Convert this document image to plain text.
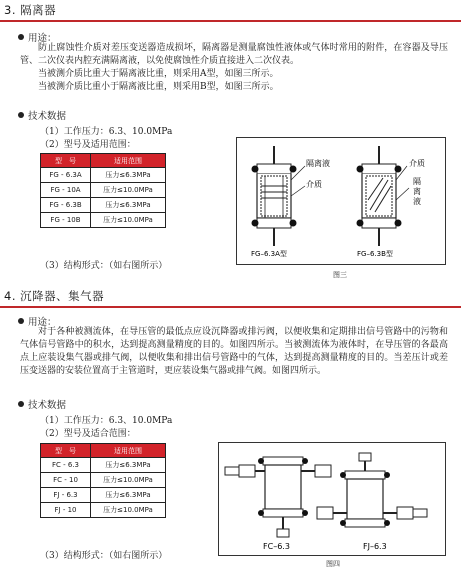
3. 隔离器
用途：

防止腐蚀性介质对差压变送器造成损坏，隔离器是测量腐蚀性液体或气体时常用的附件，在容器及导压管、二次仪表内腔充满隔离液，以免使腐蚀性介质直接进入二次仪表。

当被测介质比重大于隔离液比重，则采用A型，如图三所示。

当被测介质比重小于隔离液比重，则采用B型，如图三所示。

技术数据
（1）工作压力：6.3、10.0MPa
（2）型号及适用范围：
型　号	适用范围
FG - 6.3A	压力≤6.3MPa
FG - 10A	压力≤10.0MPa
FG - 6.3B	压力≤6.3MPa
FG - 10B	压力≤10.0MPa
（3）结构形式：（如右图所示）
隔离液
介质
FG–6.3A型
介质
隔离液
FG–6.3B型
图三
4. 沉降器、集气器
用途：

对于各种被测流体，在导压管的最低点应设沉降器或排污阀，以便收集和定期排出信号管路中的污物和气体信号管路中的积水，达到提高测量精度的目的。如图四所示。当被测流体为液体时，在导压管的各最高点上应装设集气器或排气阀，以便收集和排出信号管路中的气体，达到提高测量精度的目的。当差压计或差压变送器的安装位置高于主管道时，更应装设集气器或排气阀。如图四所示。

技术数据
（1）工作压力：6.3、10.0MPa
（2）型号及适合范围：
型　号	适用范围
FC - 6.3	压力≤6.3MPa
FC - 10	压力≤10.0MPa
FJ - 6.3	压力≤6.3MPa
FJ - 10	压力≤10.0MPa
（3）结构形式：（如右图所示）
FC–6.3	FJ–6.3
图四
